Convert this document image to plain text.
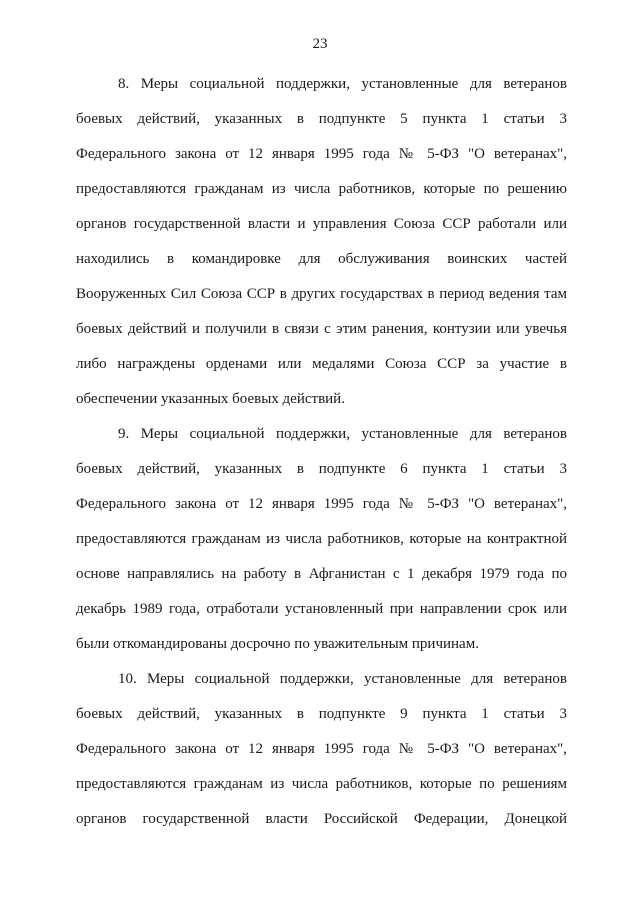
23
8. Меры социальной поддержки, установленные для ветеранов
боевых действий, указанных в подпункте 5 пункта 1 статьи 3
Федерального закона от 12 января 1995 года № 5-ФЗ "О ветеранах",
предоставляются гражданам из числа работников, которые по решению
органов государственной власти и управления Союза ССР работали или
находились в командировке для обслуживания воинских частей
Вооруженных Сил Союза ССР в других государствах в период ведения там
боевых действий и получили в связи с этим ранения, контузии или увечья
либо награждены орденами или медалями Союза ССР за участие в
обеспечении указанных боевых действий.
9. Меры социальной поддержки, установленные для ветеранов
боевых действий, указанных в подпункте 6 пункта 1 статьи 3
Федерального закона от 12 января 1995 года № 5-ФЗ "О ветеранах",
предоставляются гражданам из числа работников, которые на контрактной
основе направлялись на работу в Афганистан с 1 декабря 1979 года по
декабрь 1989 года, отработали установленный при направлении срок или
были откомандированы досрочно по уважительным причинам.
10. Меры социальной поддержки, установленные для ветеранов
боевых действий, указанных в подпункте 9 пункта 1 статьи 3
Федерального закона от 12 января 1995 года № 5-ФЗ "О ветеранах",
предоставляются гражданам из числа работников, которые по решениям
органов государственной власти Российской Федерации, Донецкой
